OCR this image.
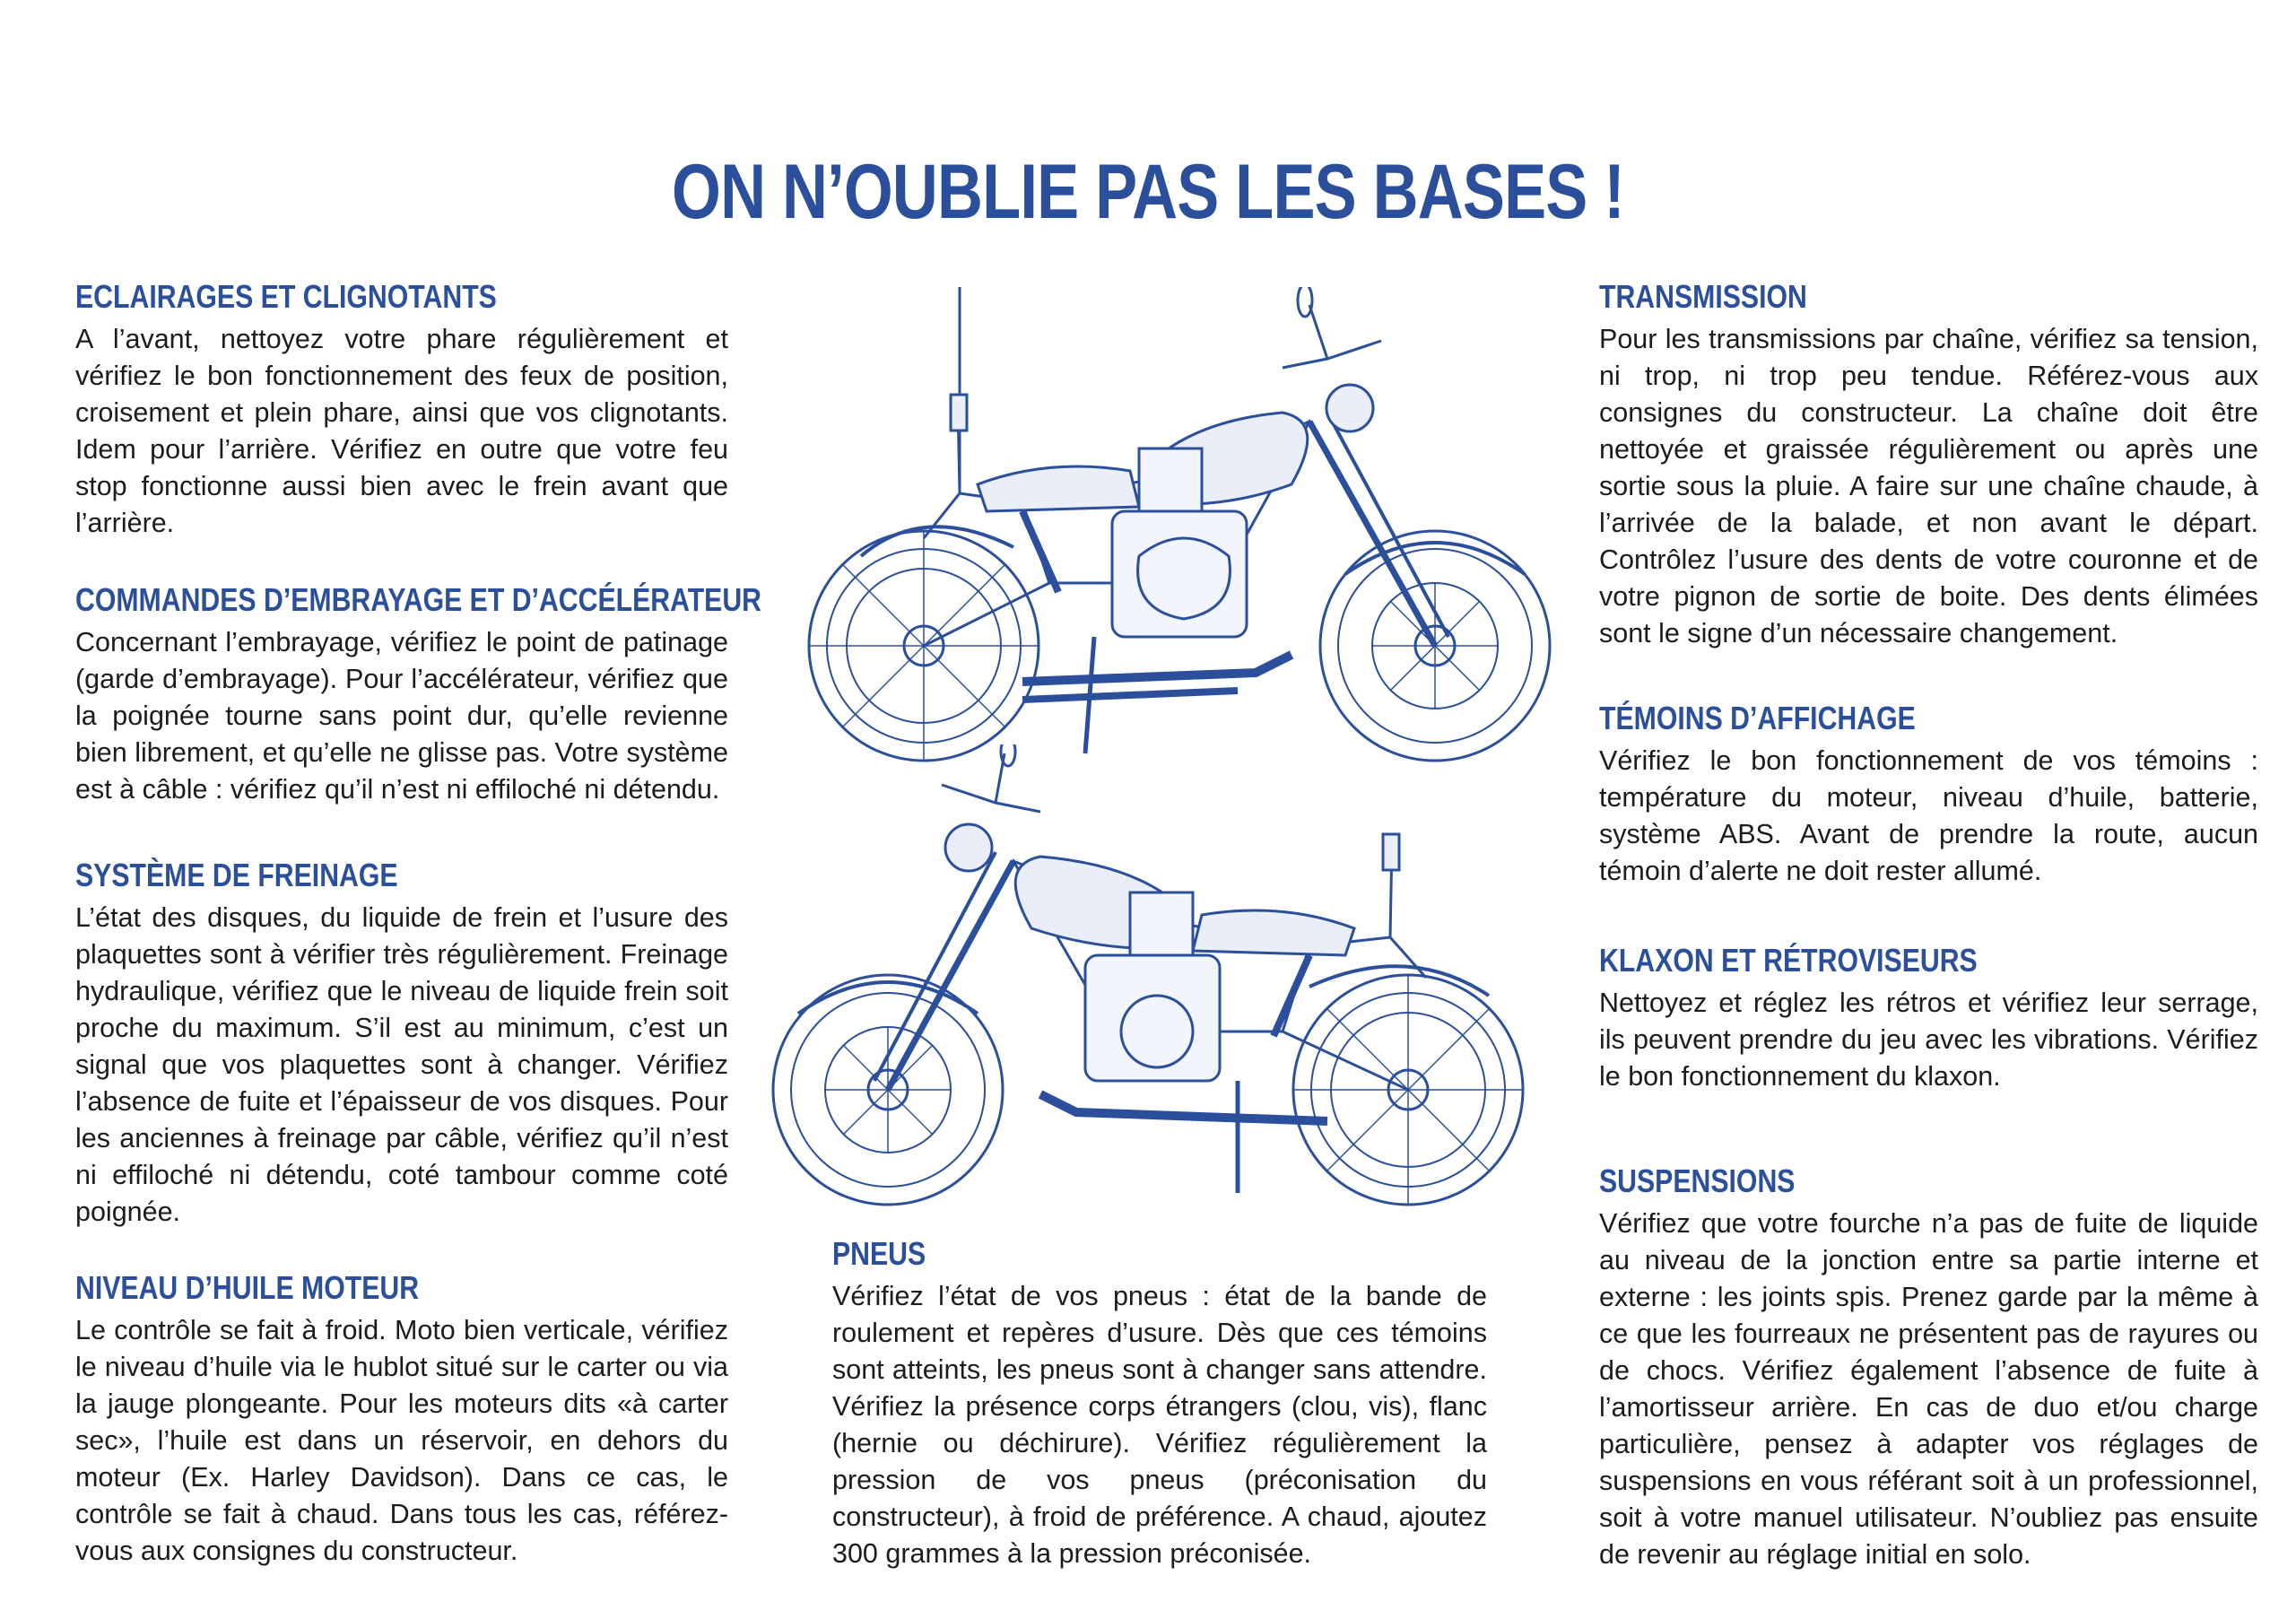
ON N’OUBLIE PAS LES BASES !
ECLAIRAGES ET CLIGNOTANTS

A l’avant, nettoyez votre phare régulièrement et vérifiez le bon fonctionnement des feux de position, croisement et plein phare, ainsi que vos clignotants. Idem pour l’arrière. Vérifiez en outre que votre feu stop fonctionne aussi bien avec le frein avant que l’arrière.

COMMANDES D’EMBRAYAGE ET D’ACCÉLÉRATEUR

Concernant l’embrayage, vérifiez le point de patinage (garde d’embrayage). Pour l’accélérateur, vérifiez que la poignée tourne sans point dur, qu’elle revienne bien librement, et qu’elle ne glisse pas. Votre système est à câble : vérifiez qu’il n’est ni effiloché ni détendu.

SYSTÈME DE FREINAGE

L’état des disques, du liquide de frein et l’usure des plaquettes sont à vérifier très régulièrement. Freinage hydraulique, vérifiez que le niveau de liquide frein soit proche du maximum. S’il est au minimum, c’est un signal que vos plaquettes sont à changer. Vérifiez l’absence de fuite et l’épaisseur de vos disques. Pour les anciennes à freinage par câble, vérifiez qu’il n’est ni effiloché ni détendu, coté tambour comme coté poignée.

NIVEAU D’HUILE MOTEUR

Le contrôle se fait à froid. Moto bien verticale, vérifiez le niveau d’huile via le hublot situé sur le carter ou via la jauge plongeante. Pour les moteurs dits «à carter sec», l’huile est dans un réservoir, en dehors du moteur (Ex. Harley Davidson). Dans ce cas, le contrôle se fait à chaud. Dans tous les cas, référez-vous aux consignes du constructeur.

PNEUS

Vérifiez l’état de vos pneus : état de la bande de roulement et repères d’usure. Dès que ces témoins sont atteints, les pneus sont à changer sans attendre. Vérifiez la présence corps étrangers (clou, vis), flanc (hernie ou déchirure). Vérifiez régulièrement la pression de vos pneus (préconisation du constructeur), à froid de préférence. A chaud, ajoutez 300 grammes à la pression préconisée.

TRANSMISSION

Pour les transmissions par chaîne, vérifiez sa tension, ni trop, ni trop peu tendue. Référez-vous aux consignes du constructeur. La chaîne doit être nettoyée et graissée régulièrement ou après une sortie sous la pluie. A faire sur une chaîne chaude, à l’arrivée de la balade, et non avant le départ. Contrôlez l’usure des dents de votre couronne et de votre pignon de sortie de boite. Des dents élimées sont le signe d’un nécessaire changement.

TÉMOINS D’AFFICHAGE

Vérifiez le bon fonctionnement de vos témoins : température du moteur, niveau d’huile, batterie, système ABS. Avant de prendre la route, aucun témoin d’alerte ne doit rester allumé.

KLAXON ET RÉTROVISEURS

Nettoyez et réglez les rétros et vérifiez leur serrage, ils peuvent prendre du jeu avec les vibrations. Vérifiez le bon fonctionnement du klaxon.

SUSPENSIONS

Vérifiez que votre fourche n’a pas de fuite de liquide au niveau de la jonction entre sa partie interne et externe : les joints spis. Prenez garde par la même à ce que les fourreaux ne présentent pas de rayures ou de chocs. Vérifiez également l’absence de fuite à l’amortisseur arrière. En cas de duo et/ou charge particulière, pensez à adapter vos réglages de suspensions en vous référant soit à un professionnel, soit à votre manuel utilisateur. N’oubliez pas ensuite de revenir au réglage initial en solo.
